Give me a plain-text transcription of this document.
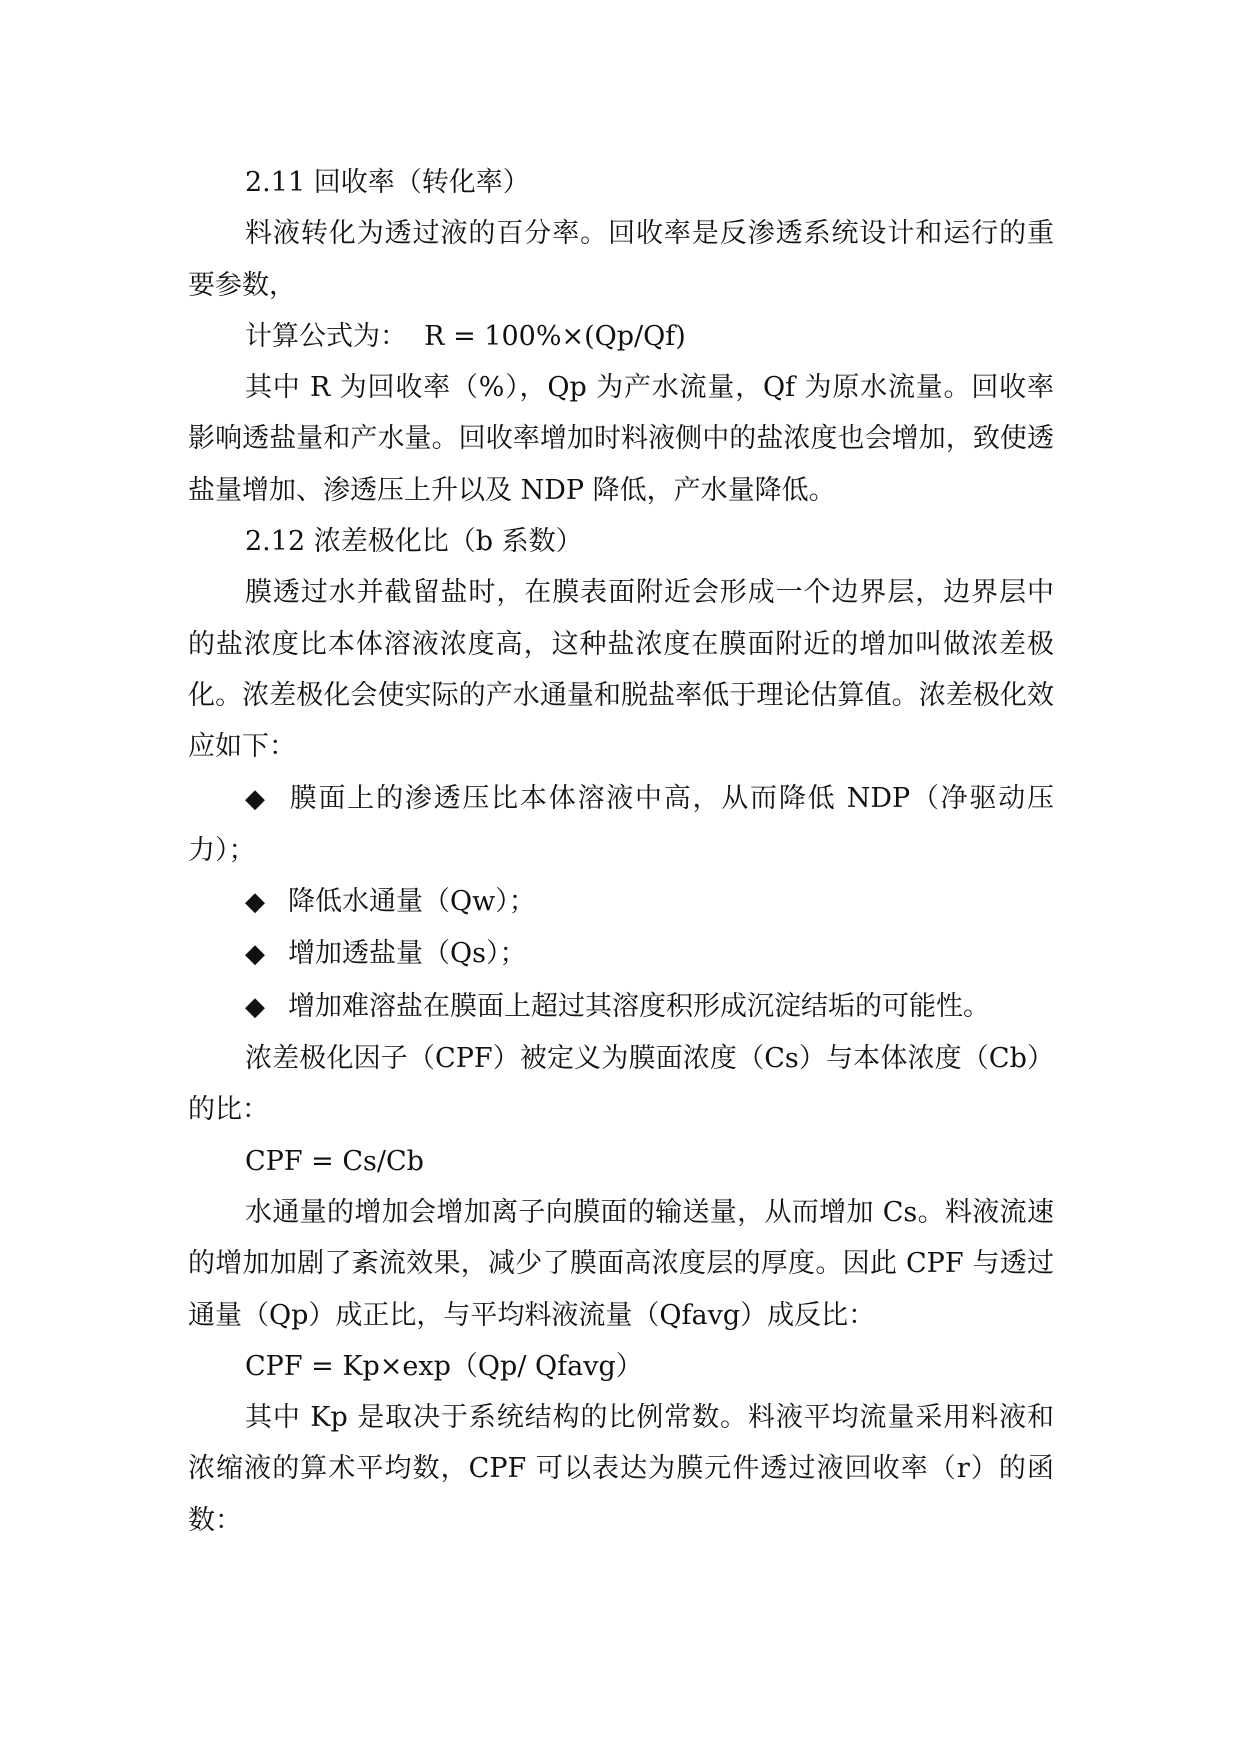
2.11 回收率（转化率）

料液转化为透过液的百分率。回收率是反渗透系统设计和运行的重要参数，

计算公式为：  R = 100%×(Qp/Qf)

其中 R 为回收率（%），Qp 为产水流量，Qf 为原水流量。回收率影响透盐量和产水量。回收率增加时料液侧中的盐浓度也会增加，致使透盐量增加、渗透压上升以及 NDP 降低，产水量降低。

2.12 浓差极化比（b 系数）

膜透过水并截留盐时，在膜表面附近会形成一个边界层，边界层中的盐浓度比本体溶液浓度高，这种盐浓度在膜面附近的增加叫做浓差极化。浓差极化会使实际的产水通量和脱盐率低于理论估算值。浓差极化效应如下：

◆ 膜面上的渗透压比本体溶液中高，从而降低 NDP（净驱动压力）；

◆ 降低水通量（Qw）；

◆ 增加透盐量（Qs）；

◆ 增加难溶盐在膜面上超过其溶度积形成沉淀结垢的可能性。

浓差极化因子（CPF）被定义为膜面浓度（Cs）与本体浓度（Cb）的比：

CPF = Cs/Cb

水通量的增加会增加离子向膜面的输送量，从而增加 Cs。料液流速的增加加剧了紊流效果，减少了膜面高浓度层的厚度。因此 CPF 与透过通量（Qp）成正比，与平均料液流量（Qfavg）成反比：

CPF = Kp×exp（Qp/ Qfavg）

其中 Kp 是取决于系统结构的比例常数。料液平均流量采用料液和浓缩液的算术平均数，CPF 可以表达为膜元件透过液回收率（r）的函数：
